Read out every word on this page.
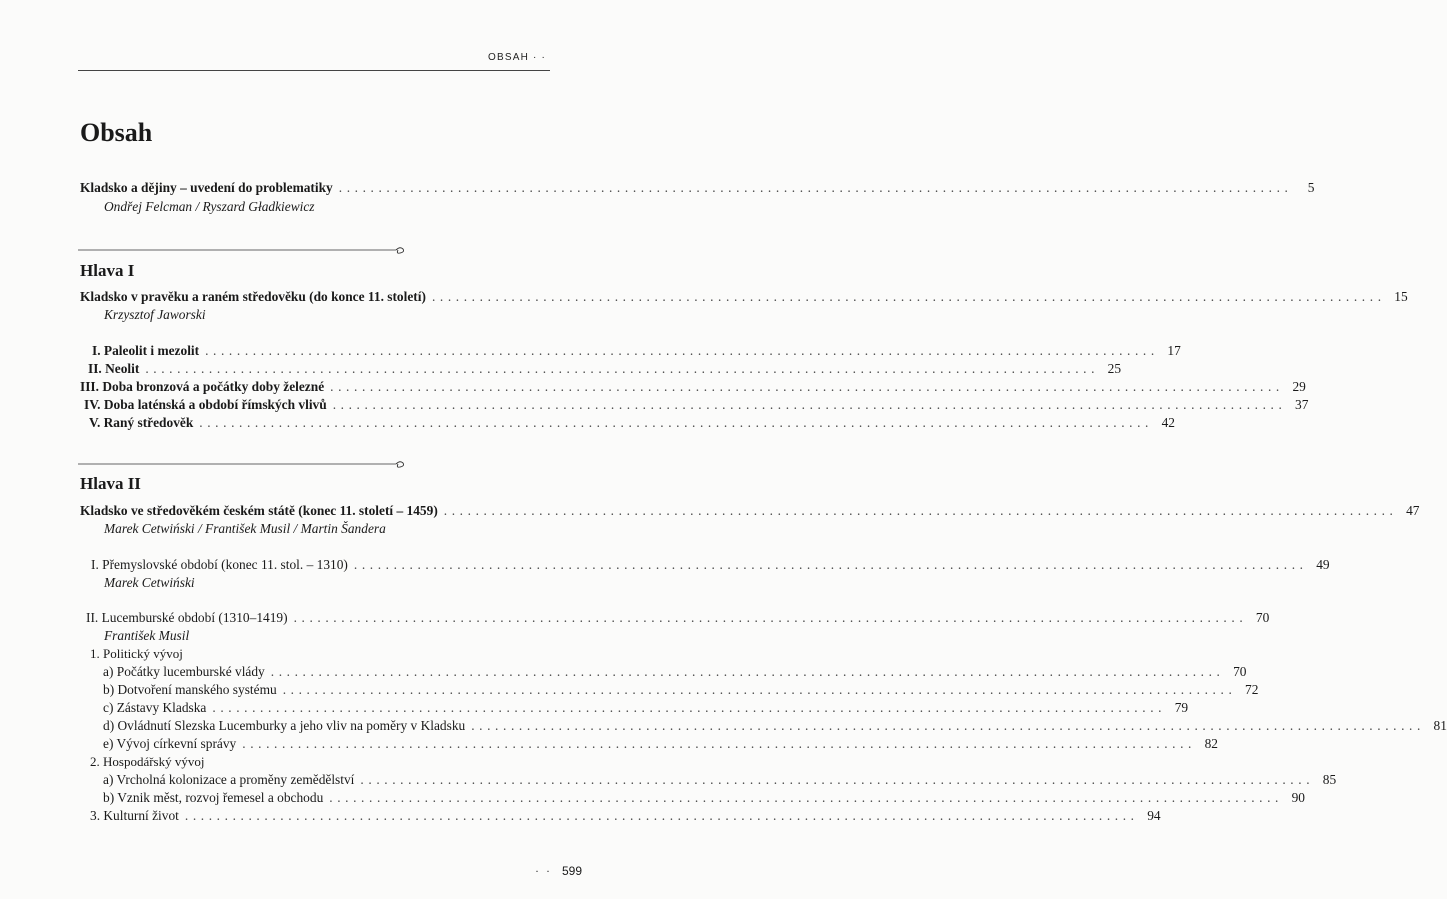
OBSAH · ·
Obsah
Kladsko a dějiny – uvedení do problematiky ........................................................................................................................	5
Ondřej Felcman / Ryszard Gładkiewicz
Hlava I
Kladsko v pravěku a raném středověku (do konce 11. století) ........................................................................................................................ 15
Krzysztof Jaworski
I. Paleolit i mezolit ........................................................................................................................ 17
II. Neolit ........................................................................................................................ 25
III. Doba bronzová a počátky doby železné ........................................................................................................................ 29
IV. Doba laténská a období římských vlivů ........................................................................................................................ 37
V. Raný středověk ........................................................................................................................ 42
Hlava II
Kladsko ve středověkém českém státě (konec 11. století – 1459) ........................................................................................................................ 47
Marek Cetwiński / František Musil / Martin Šandera
I. Přemyslovské období (konec 11. stol. – 1310) ........................................................................................................................ 49
Marek Cetwiński
II. Lucemburské období (1310–1419) ........................................................................................................................ 70
František Musil
1. Politický vývoj
a) Počátky lucemburské vlády ........................................................................................................................ 70
b) Dotvoření manského systému ........................................................................................................................ 72
c) Zástavy Kladska ........................................................................................................................ 79
d) Ovládnutí Slezska Lucemburky a jeho vliv na poměry v Kladsku ........................................................................................................................ 81
e) Vývoj církevní správy ........................................................................................................................ 82
2. Hospodářský vývoj
a) Vrcholná kolonizace a proměny zemědělství ........................................................................................................................ 85
b) Vznik měst, rozvoj řemesel a obchodu ........................................................................................................................ 90
3. Kulturní život ........................................................................................................................ 94
· · 599
